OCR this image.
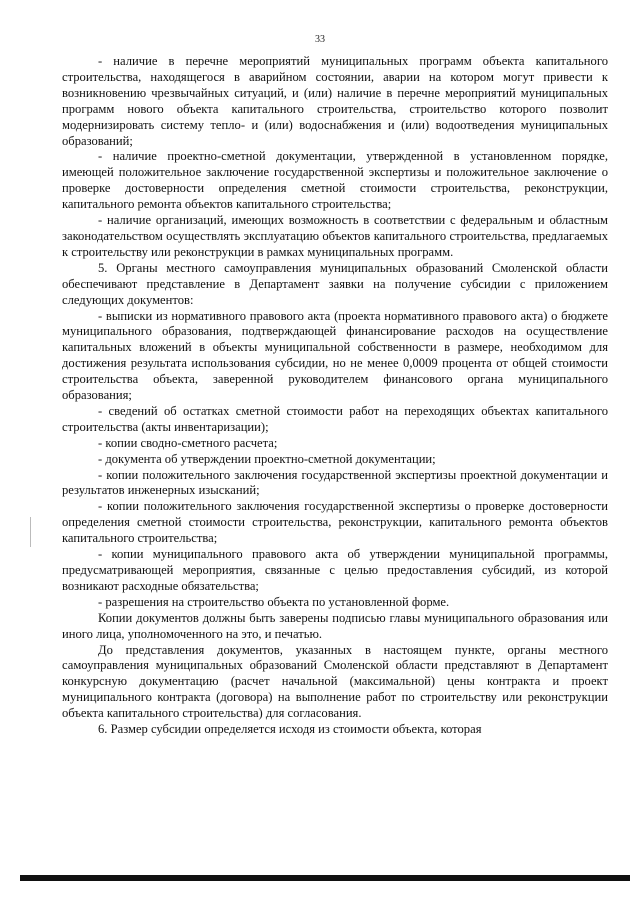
33

- наличие в перечне мероприятий муниципальных программ объекта капитального строительства, находящегося в аварийном состоянии, аварии на котором могут привести к возникновению чрезвычайных ситуаций, и (или) наличие в перечне мероприятий муниципальных программ нового объекта капитального строительства, строительство которого позволит модернизировать систему тепло- и (или) водоснабжения и (или) водоотведения муниципальных образований;

- наличие проектно-сметной документации, утвержденной в установленном порядке, имеющей положительное заключение государственной экспертизы и положительное заключение о проверке достоверности определения сметной стоимости строительства, реконструкции, капитального ремонта объектов капитального строительства;

- наличие организаций, имеющих возможность в соответствии с федеральным и областным законодательством осуществлять эксплуатацию объектов капитального строительства, предлагаемых к строительству или реконструкции в рамках муниципальных программ.

5. Органы местного самоуправления муниципальных образований Смоленской области обеспечивают представление в Департамент заявки на получение субсидии с приложением следующих документов:

- выписки из нормативного правового акта (проекта нормативного правового акта) о бюджете муниципального образования, подтверждающей финансирование расходов на осуществление капитальных вложений в объекты муниципальной собственности в размере, необходимом для достижения результата использования субсидии, но не менее 0,0009 процента от общей стоимости строительства объекта, заверенной руководителем финансового органа муниципального образования;

- сведений об остатках сметной стоимости работ на переходящих объектах капитального строительства (акты инвентаризации);

- копии сводно-сметного расчета;

- документа об утверждении проектно-сметной документации;

- копии положительного заключения государственной экспертизы проектной документации и результатов инженерных изысканий;

- копии положительного заключения государственной экспертизы о проверке достоверности определения сметной стоимости строительства, реконструкции, капитального ремонта объектов капитального строительства;

- копии муниципального правового акта об утверждении муниципальной программы, предусматривающей мероприятия, связанные с целью предоставления субсидий, из которой возникают расходные обязательства;

- разрешения на строительство объекта по установленной форме.

Копии документов должны быть заверены подписью главы муниципального образования или иного лица, уполномоченного на это, и печатью.

До представления документов, указанных в настоящем пункте, органы местного самоуправления муниципальных образований Смоленской области представляют в Департамент конкурсную документацию (расчет начальной (максимальной) цены контракта и проект муниципального контракта (договора) на выполнение работ по строительству или реконструкции объекта капитального строительства) для согласования.

6. Размер субсидии определяется исходя из стоимости объекта, которая
